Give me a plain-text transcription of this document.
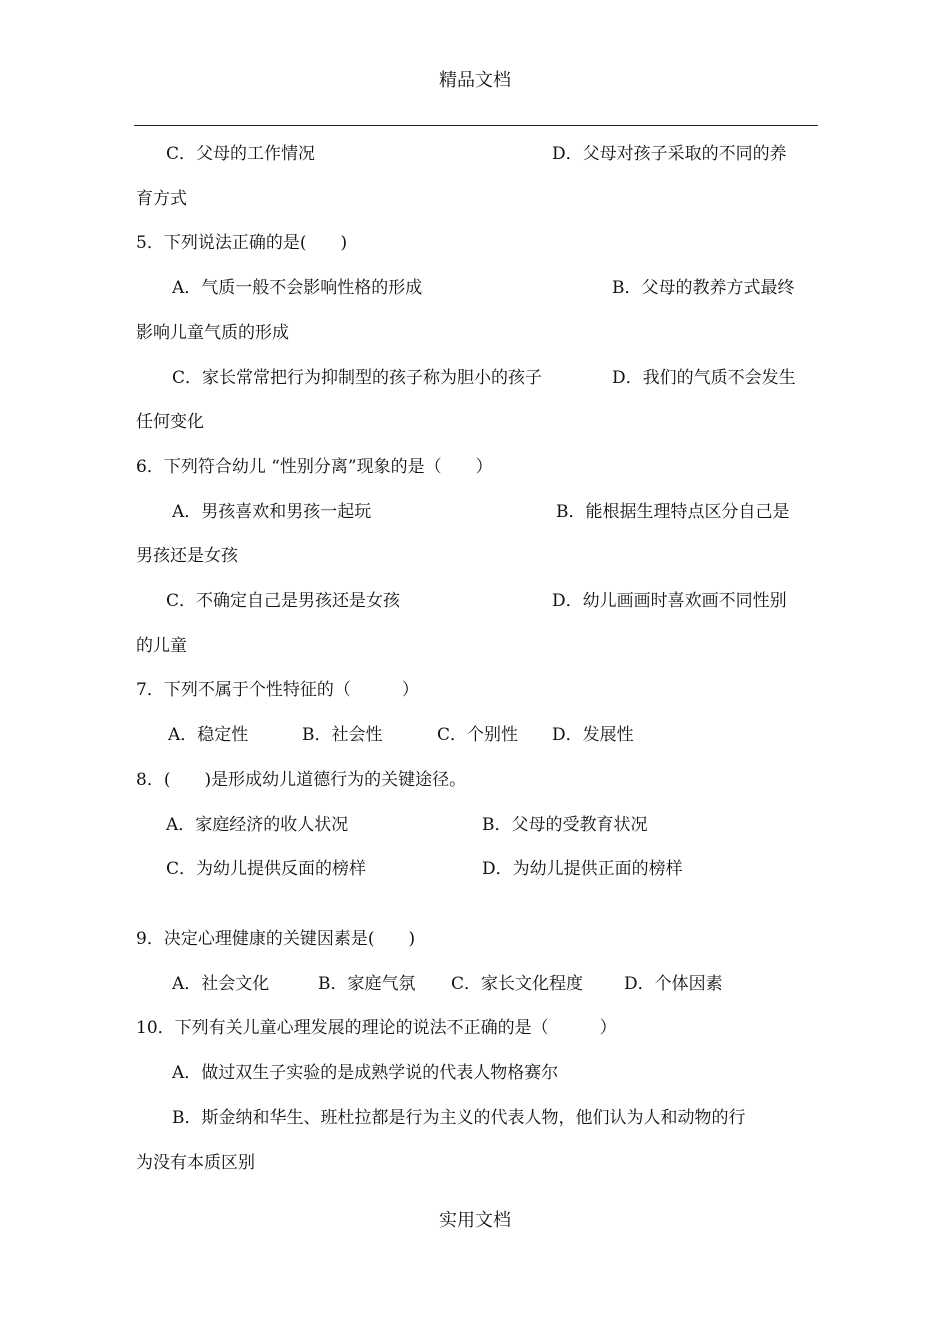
精品文档
C．父母的工作情况	D．父母对孩子采取的不同的养
育方式
5．下列说法正确的是(　　)
A．气质一般不会影响性格的形成	B．父母的教养方式最终
影响儿童气质的形成
C．家长常常把行为抑制型的孩子称为胆小的孩子	D．我们的气质不会发生
任何变化
6．下列符合幼儿 “性别分离”现象的是（　　）
A．男孩喜欢和男孩一起玩	B．能根据生理特点区分自己是
男孩还是女孩
C．不确定自己是男孩还是女孩	D．幼儿画画时喜欢画不同性别
的儿童
7．下列不属于个性特征的（　　　）
A．稳定性	B．社会性	C．个别性 D．发展性
8．(　　)是形成幼儿道德行为的关键途径。
A．家庭经济的收人状况	B．父母的受教育状况
C．为幼儿提供反面的榜样	D．为幼儿提供正面的榜样
9．决定心理健康的关键因素是(　　)
A．社会文化	B．家庭气氛 C．家长文化程度 D．个体因素
10．下列有关儿童心理发展的理论的说法不正确的是（　　　）
A．做过双生子实验的是成熟学说的代表人物格赛尔
B．斯金纳和华生、班杜拉都是行为主义的代表人物，他们认为人和动物的行
为没有本质区别
实用文档
